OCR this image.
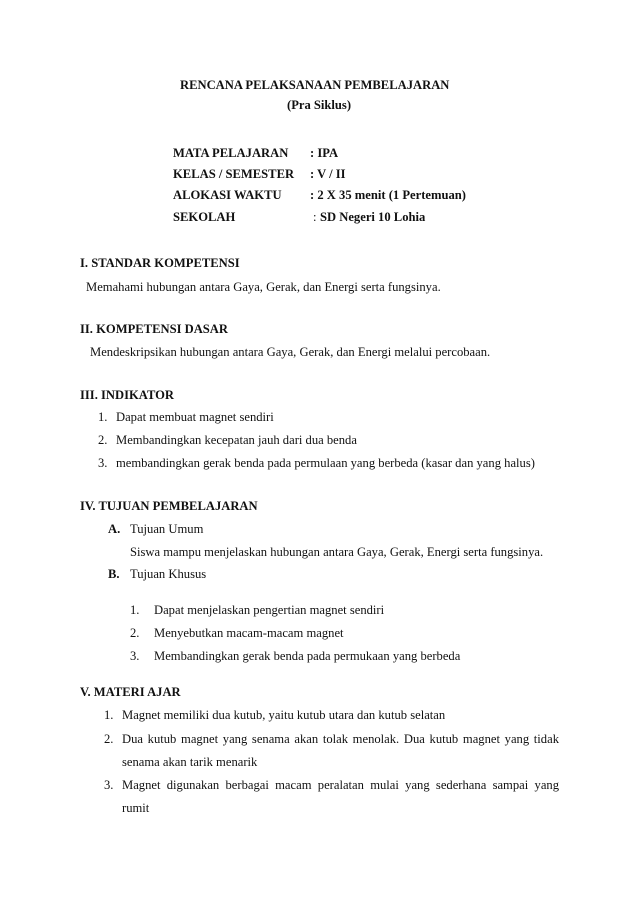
RENCANA PELAKSANAAN PEMBELAJARAN
(Pra Siklus)
MATA PELAJARAN : IPA
KELAS / SEMESTER : V / II
ALOKASI WAKTU : 2 X 35 menit (1 Pertemuan)
SEKOLAH	: SD Negeri 10 Lohia
I. STANDAR KOMPETENSI
Memahami hubungan antara Gaya, Gerak, dan Energi serta fungsinya.
II. KOMPETENSI DASAR
Mendeskripsikan hubungan antara Gaya, Gerak, dan Energi melalui percobaan.
III. INDIKATOR
1. Dapat membuat magnet sendiri
2. Membandingkan kecepatan jauh dari dua benda
3. membandingkan gerak benda pada permulaan yang berbeda (kasar dan yang halus)
IV. TUJUAN PEMBELAJARAN
A. Tujuan Umum
Siswa mampu menjelaskan hubungan antara Gaya, Gerak, Energi serta fungsinya.
B. Tujuan Khusus
1. Dapat menjelaskan pengertian magnet sendiri
2. Menyebutkan macam-macam magnet
3. Membandingkan gerak benda pada permukaan yang berbeda
V. MATERI AJAR
1. Magnet memiliki dua kutub, yaitu kutub utara dan kutub selatan
2. Dua kutub magnet yang senama akan tolak menolak. Dua kutub magnet yang tidak
senama akan tarik menarik
3. Magnet digunakan berbagai macam peralatan mulai yang sederhana sampai yang
rumit
